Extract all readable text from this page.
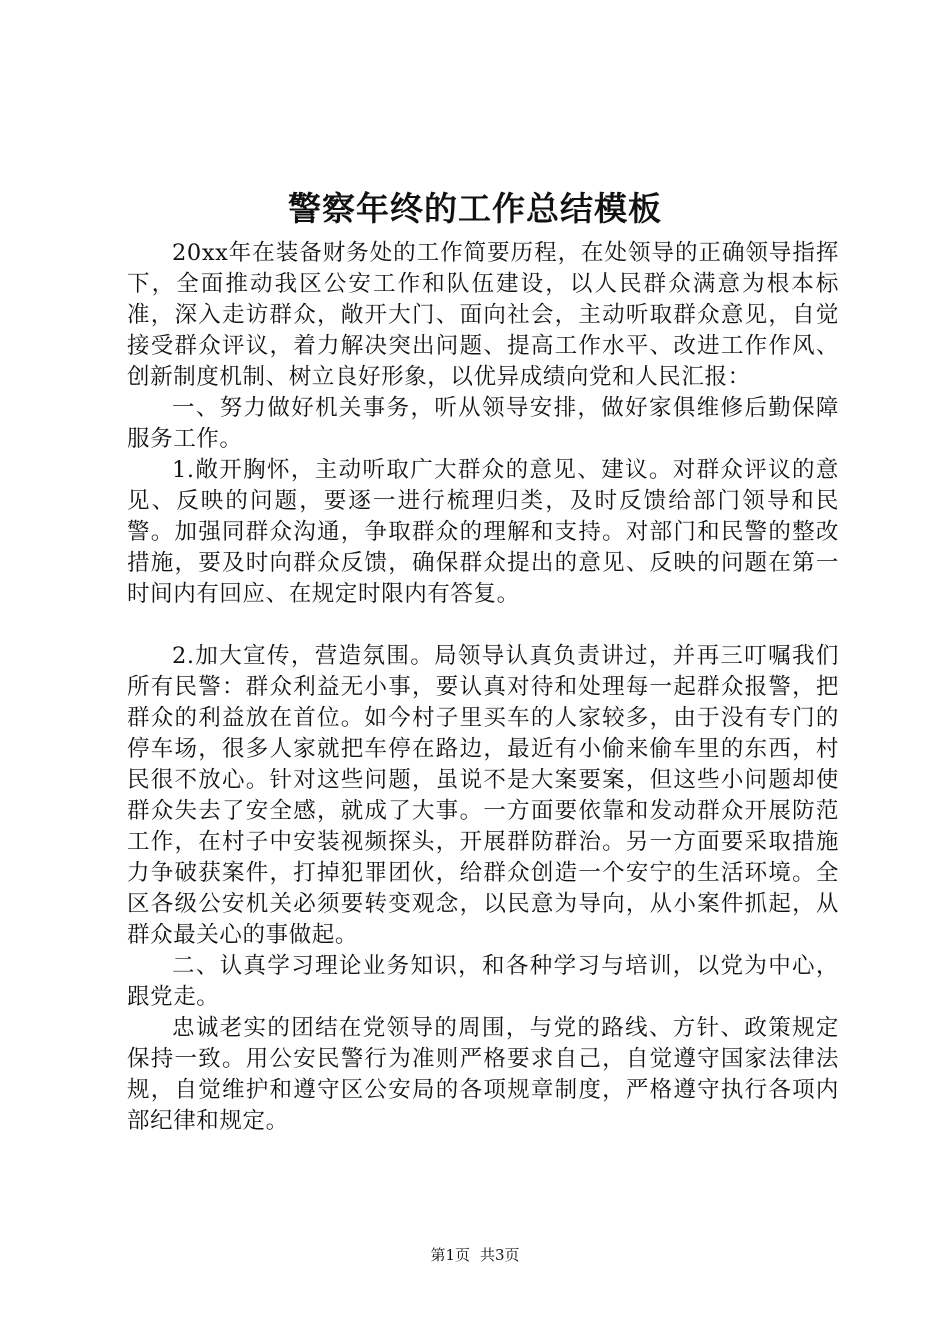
警察年终的工作总结模板

20xx年在装备财务处的工作简要历程，在处领导的正确领导指挥下，全面推动我区公安工作和队伍建设，以人民群众满意为根本标准，深入走访群众，敞开大门、面向社会，主动听取群众意见，自觉接受群众评议，着力解决突出问题、提高工作水平、改进工作作风、创新制度机制、树立良好形象，以优异成绩向党和人民汇报：

一、努力做好机关事务，听从领导安排，做好家俱维修后勤保障服务工作。

1.敞开胸怀，主动听取广大群众的意见、建议。对群众评议的意见、反映的问题，要逐一进行梳理归类，及时反馈给部门领导和民警。加强同群众沟通，争取群众的理解和支持。对部门和民警的整改措施，要及时向群众反馈，确保群众提出的意见、反映的问题在第一时间内有回应、在规定时限内有答复。

2.加大宣传，营造氛围。局领导认真负责讲过，并再三叮嘱我们所有民警：群众利益无小事，要认真对待和处理每一起群众报警，把群众的利益放在首位。如今村子里买车的人家较多，由于没有专门的停车场，很多人家就把车停在路边，最近有小偷来偷车里的东西，村民很不放心。针对这些问题，虽说不是大案要案，但这些小问题却使群众失去了安全感，就成了大事。一方面要依靠和发动群众开展防范工作，在村子中安装视频探头，开展群防群治。另一方面要采取措施力争破获案件，打掉犯罪团伙，给群众创造一个安宁的生活环境。全区各级公安机关必须要转变观念，以民意为导向，从小案件抓起，从群众最关心的事做起。

二、认真学习理论业务知识，和各种学习与培训，以党为中心，跟党走。

忠诚老实的团结在党领导的周围，与党的路线、方针、政策规定保持一致。用公安民警行为准则严格要求自己，自觉遵守国家法律法规，自觉维护和遵守区公安局的各项规章制度，严格遵守执行各项内部纪律和规定。

第1页 共3页
